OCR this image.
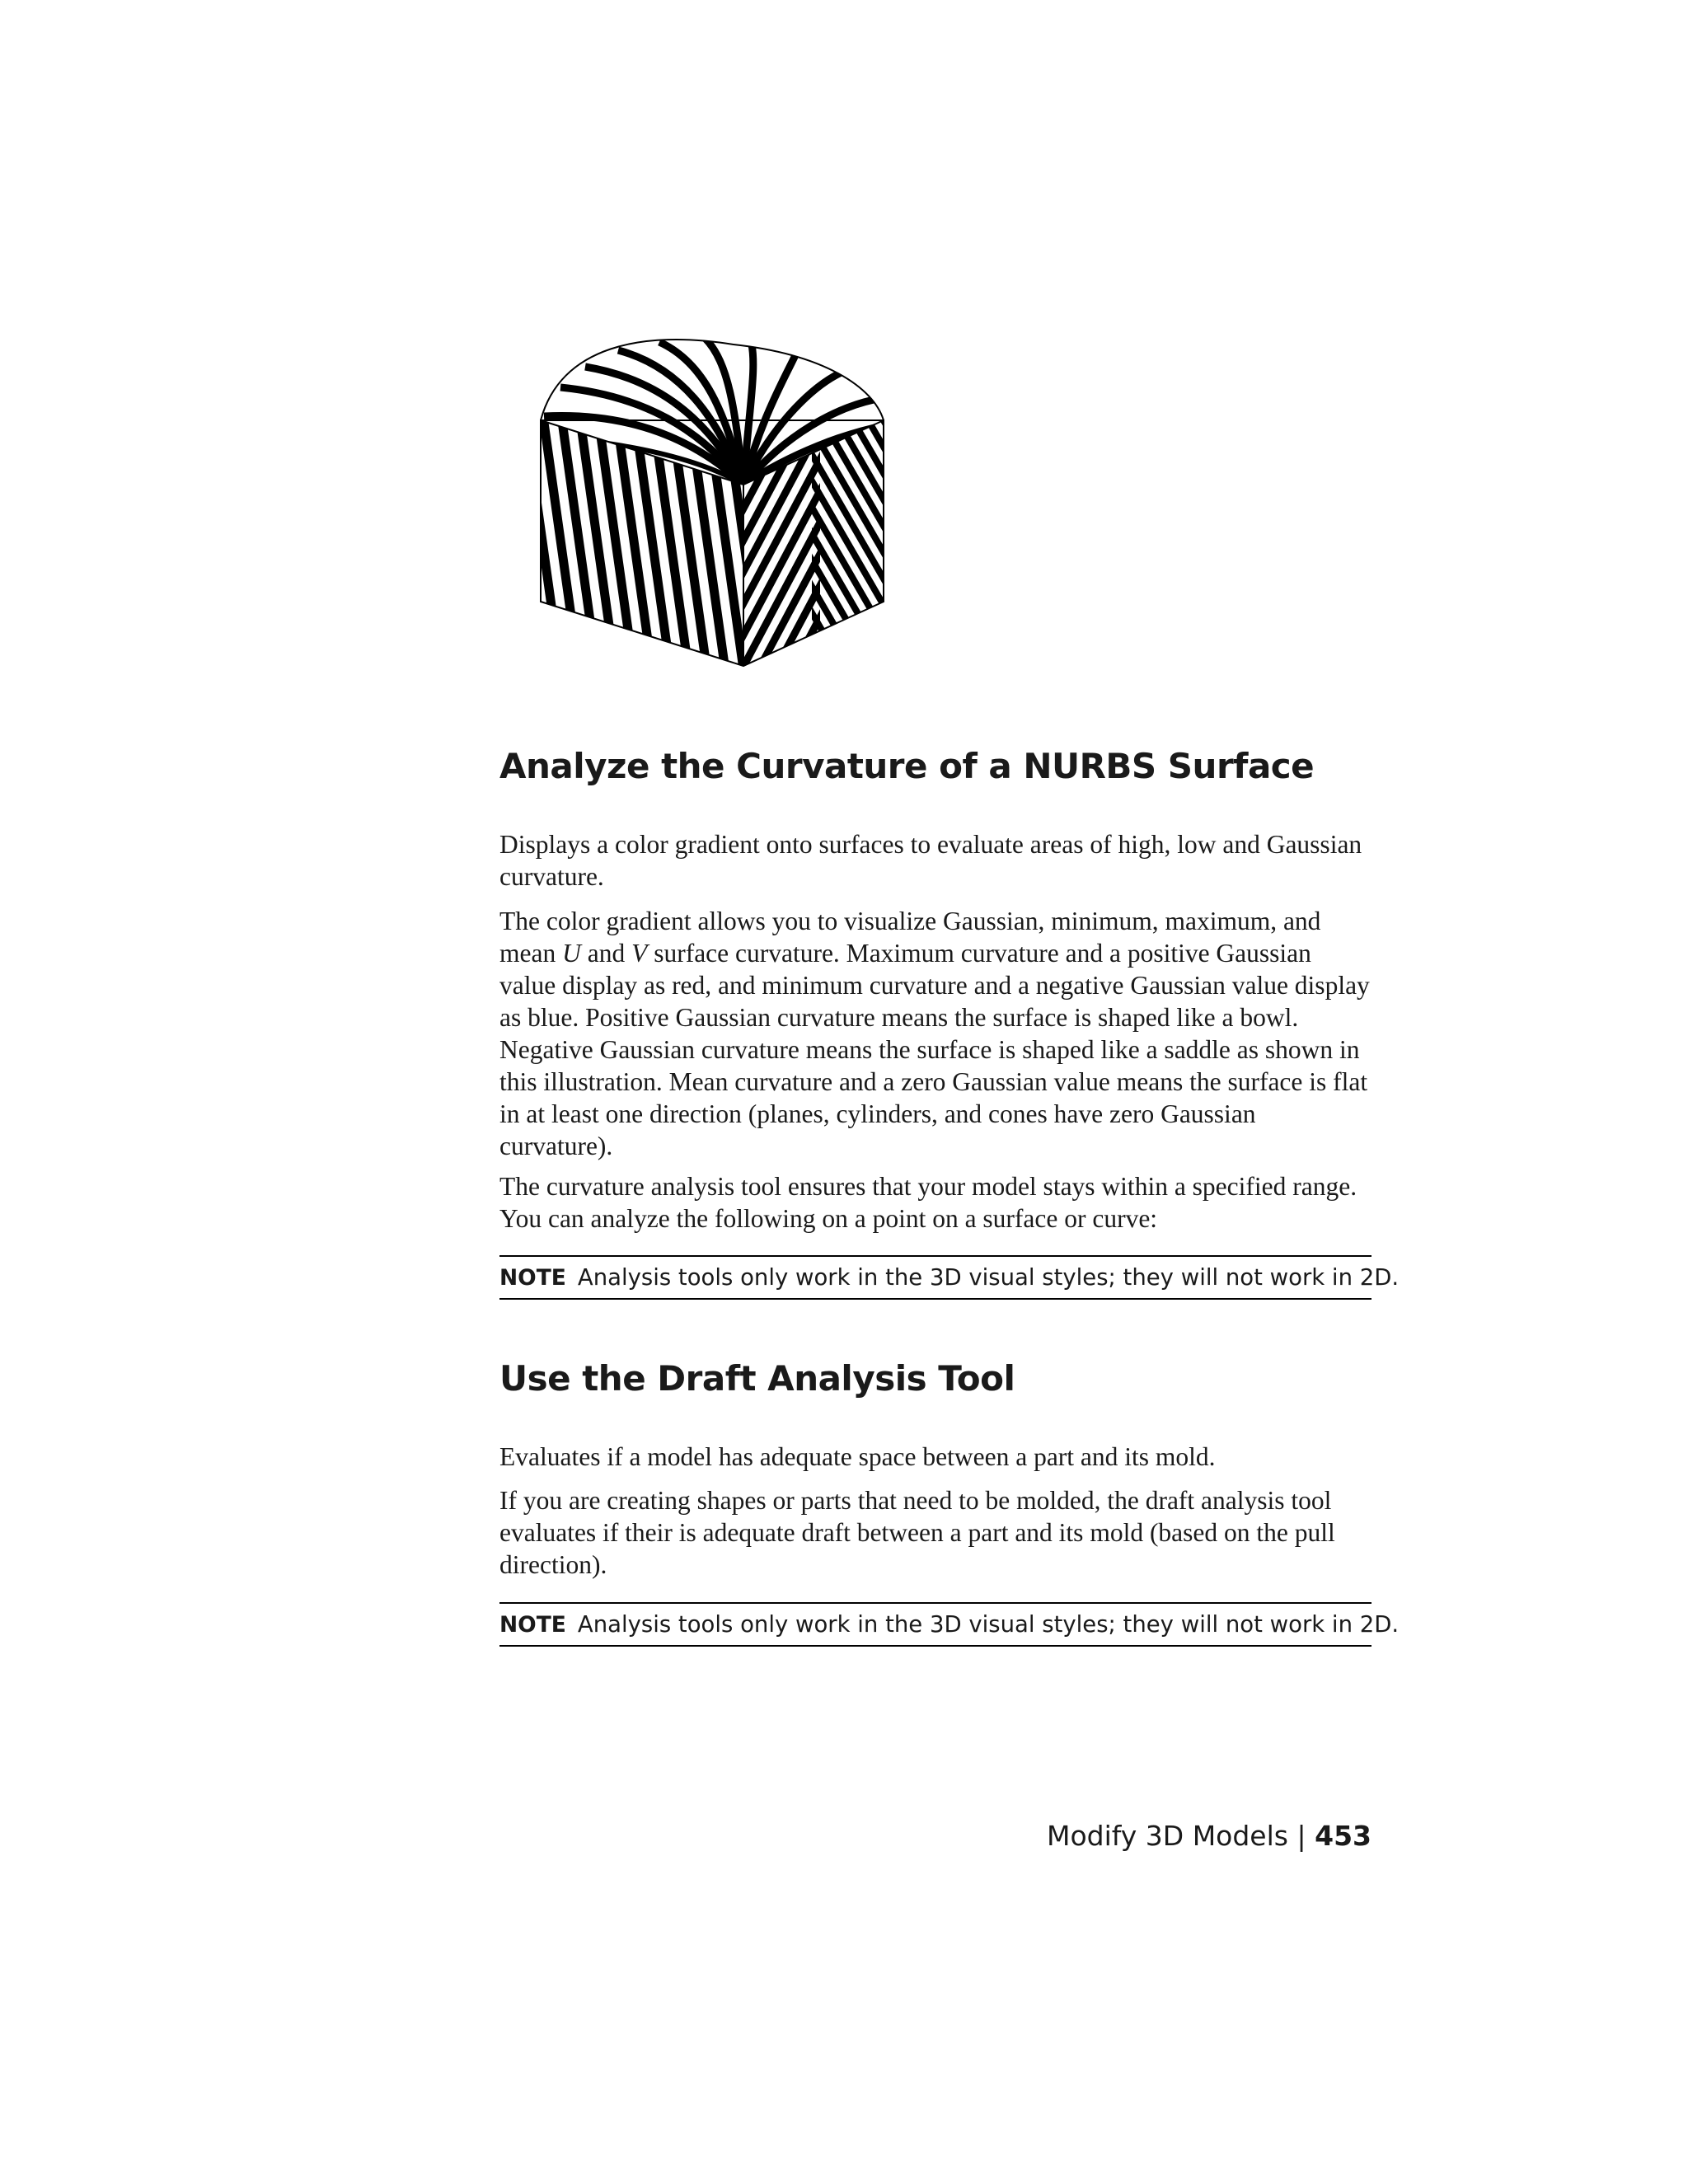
Analyze the Curvature of a NURBS Surface

Displays a color gradient onto surfaces to evaluate areas of high, low and Gaussian curvature.

The color gradient allows you to visualize Gaussian, minimum, maximum, and mean U and V surface curvature. Maximum curvature and a positive Gaussian value display as red, and minimum curvature and a negative Gaussian value display as blue. Positive Gaussian curvature means the surface is shaped like a bowl. Negative Gaussian curvature means the surface is shaped like a saddle as shown in this illustration. Mean curvature and a zero Gaussian value means the surface is flat in at least one direction (planes, cylinders, and cones have zero Gaussian curvature).

The curvature analysis tool ensures that your model stays within a specified range. You can analyze the following on a point on a surface or curve:

NOTE Analysis tools only work in the 3D visual styles; they will not work in 2D.
Use the Draft Analysis Tool

Evaluates if a model has adequate space between a part and its mold.

If you are creating shapes or parts that need to be molded, the draft analysis tool evaluates if their is adequate draft between a part and its mold (based on the pull direction).

NOTE Analysis tools only work in the 3D visual styles; they will not work in 2D.
Modify 3D Models | 453
